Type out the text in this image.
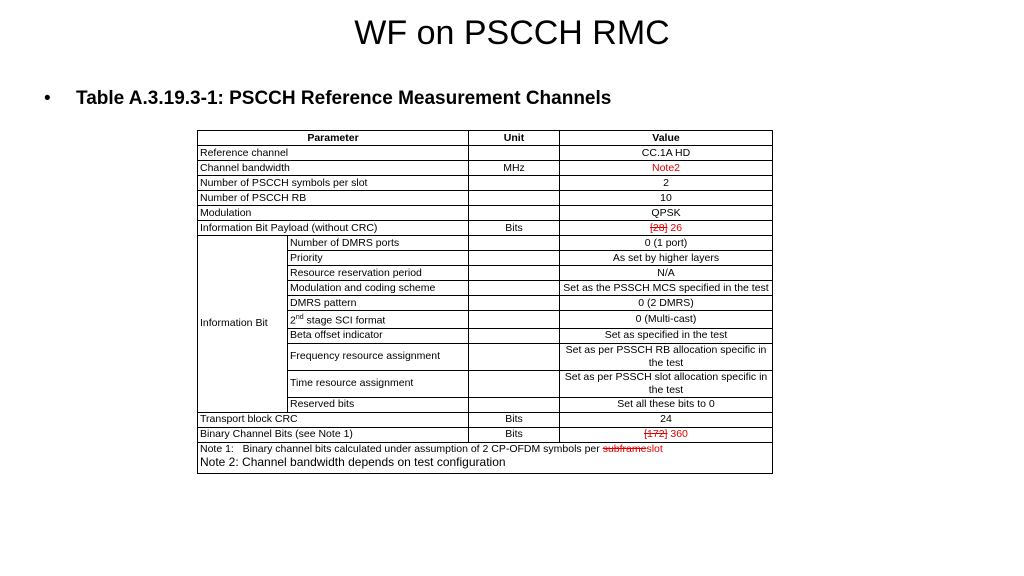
WF on PSCCH RMC
• Table A.3.19.3-1: PSCCH Reference Measurement Channels
Parameter		Unit	Value
Reference channel			CC.1A HD
Channel bandwidth		MHz	Note2
Number of PSCCH symbols per slot			2
Number of PSCCH RB			10
Modulation			QPSK
Information Bit Payload (without CRC)		Bits	[28] 26
Information Bit	Number of DMRS ports		0 (1 port)
	Priority		As set by higher layers
	Resource reservation period		N/A
	Modulation and coding scheme		Set as the PSSCH MCS specified in the test
	DMRS pattern		0 (2 DMRS)
	2nd stage SCI format		0 (Multi-cast)
	Beta offset indicator		Set as specified in the test
	Frequency resource assignment		Set as per PSSCH RB allocation specific in the test
	Time resource assignment		Set as per PSSCH slot allocation specific in the test
	Reserved bits		Set all these bits to 0
Transport block CRC		Bits	24
Binary Channel Bits (see Note 1)		Bits	[172] 360

Note 1:   Binary channel bits calculated under assumption of 2 CP-OFDM symbols per subframeslot
Note 2: Channel bandwidth depends on test configuration			
